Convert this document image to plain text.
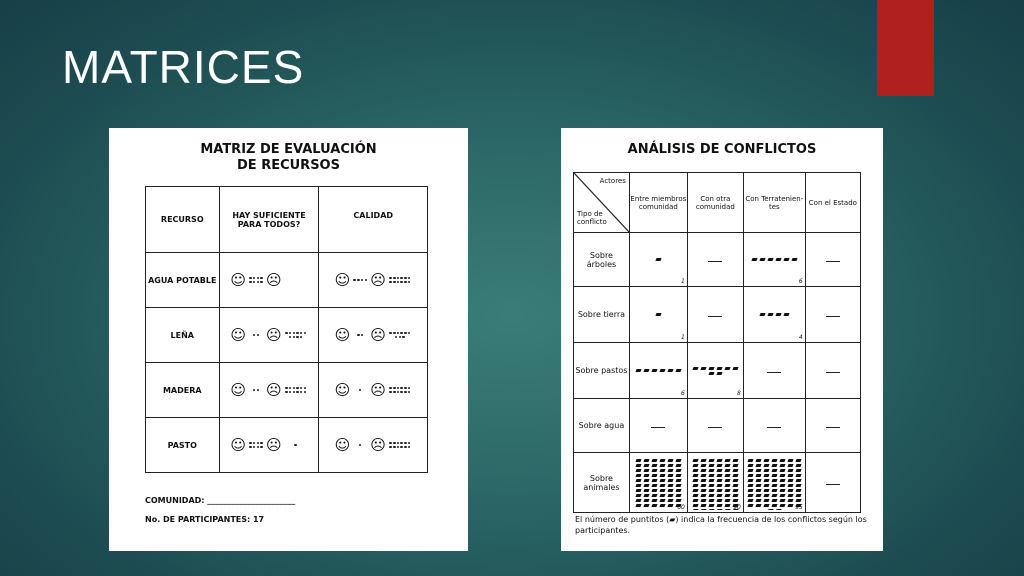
MATRICES
MATRIZ DE EVALUACIÓN
DE RECURSOS
RECURSO	HAY SUFICIENTE PARA TODOS?	CALIDAD
AGUA POTABLE	☺ ☹	☺ ☹

LEÑA	☺ ☹	☺ ☹

MADERA	☺ ☹	☺ ☹

PASTO	☺ ☹	☺ ☹
COMUNIDAD: ______________________
No. DE PARTICIPANTES: 17
ANÁLISIS DE CONFLICTOS
Actores
Tipo de conflicto	Entre miembros comunidad	Con otra comunidad	Con Terratenien-tes	Con el Estado
Sobre árboles	1		6	

Sobre tierra	1		4	

Sobre pastos	6	8		

Sobre agua				
Sobre animales	60	90	95	

El número de puntitos (▰) indica la frecuencia de los conflictos según los participantes.
